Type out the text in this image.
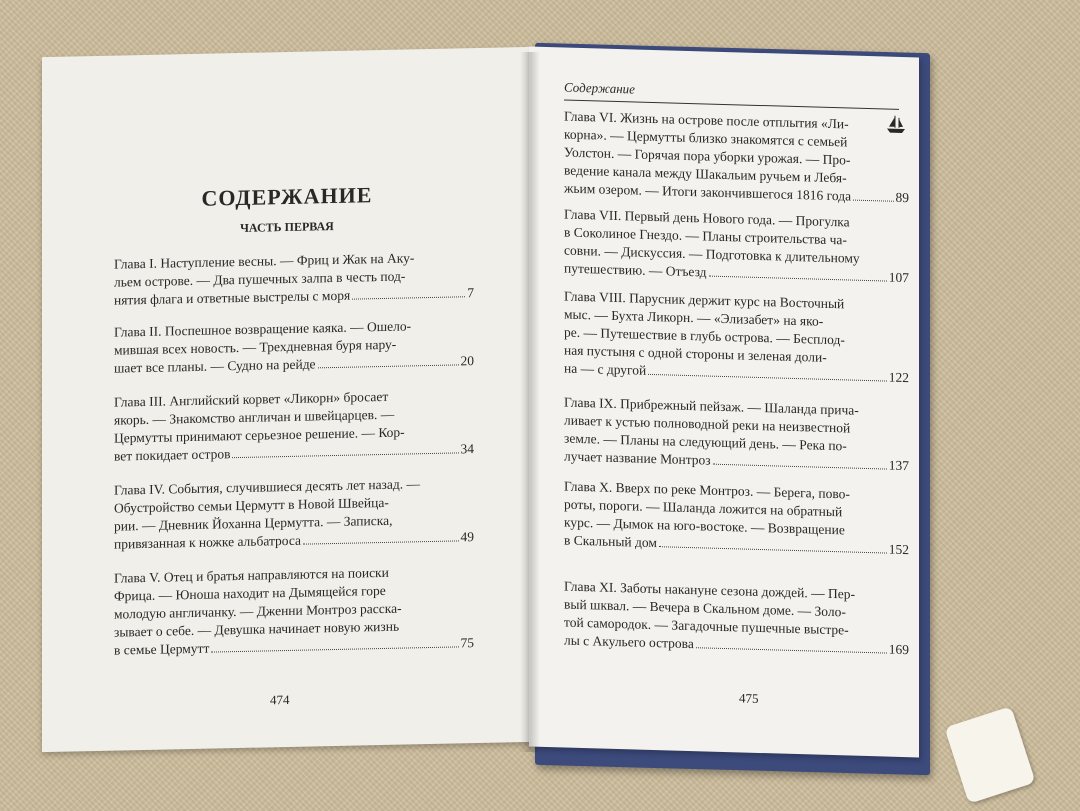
СОДЕРЖАНИЕ
ЧАСТЬ ПЕРВАЯ
474
Глава I. Наступление весны. — Фриц и Жак на Аку-
льем острове. — Два пушечных залпа в честь под-
нятия флага и ответные выстрелы с моря	7
Глава II. Поспешное возвращение каяка. — Ошело-
мившая всех новость. — Трехдневная буря нару-
шает все планы. — Судно на рейде	20
Глава III. Английский корвет «Ликорн» бросает
якорь. — Знакомство англичан и швейцарцев. —
Цермутты принимают серьезное решение. — Кор-
вет покидает остров	34
Глава IV. События, случившиеся десять лет назад. —
Обустройство семьи Цермутт в Новой Швейца-
рии. — Дневник Йоханна Цермутта. — Записка,
привязанная к ножке альбатроса	49
Глава V. Отец и братья направляются на поиски
Фрица. — Юноша находит на Дымящейся горе
молодую англичанку. — Дженни Монтроз расска-
зывает о себе. — Девушка начинает новую жизнь
в семье Цермутт	75
Содержание
475
Глава VI. Жизнь на острове после отплытия «Ли-
корна». — Цермутты близко знакомятся с семьей
Уолстон. — Горячая пора уборки урожая. — Про-
ведение канала между Шакальим ручьем и Лебя-
жьим озером. — Итоги закончившегося 1816 года	89
Глава VII. Первый день Нового года. — Прогулка
в Соколиное Гнездо. — Планы строительства ча-
совни. — Дискуссия. — Подготовка к длительному
путешествию. — Отъезд	107
Глава VIII. Парусник держит курс на Восточный
мыс. — Бухта Ликорн. — «Элизабет» на яко-
ре. — Путешествие в глубь острова. — Бесплод-
ная пустыня с одной стороны и зеленая доли-
на — с другой	122
Глава IX. Прибрежный пейзаж. — Шаланда прича-
ливает к устью полноводной реки на неизвестной
земле. — Планы на следующий день. — Река по-
лучает название Монтроз	137
Глава X. Вверх по реке Монтроз. — Берега, пово-
роты, пороги. — Шаланда ложится на обратный
курс. — Дымок на юго-востоке. — Возвращение
в Скальный дом	152
Глава XI. Заботы накануне сезона дождей. — Пер-
вый шквал. — Вечера в Скальном доме. — Золо-
той самородок. — Загадочные пушечные выстре-
лы с Акульего острова	169
